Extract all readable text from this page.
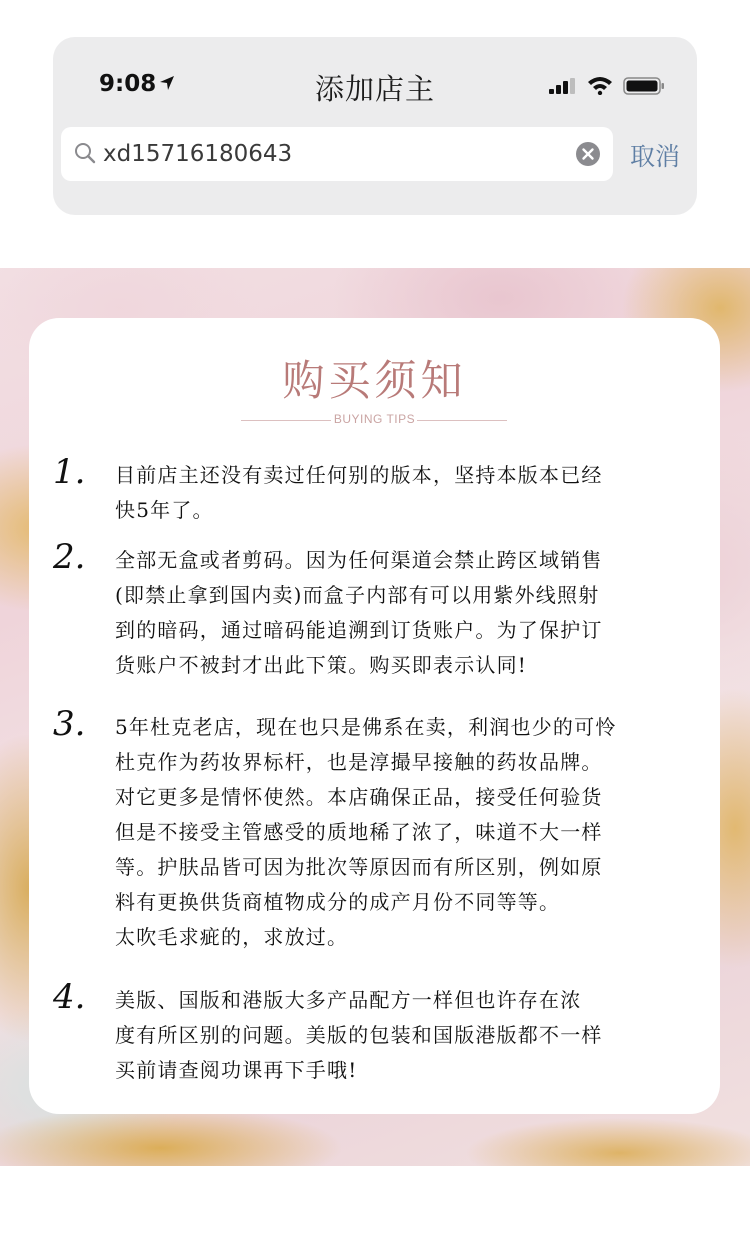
9:08	添加店主
xd15716180643
取消
购买须知
BUYING TIPS
1. 目前店主还没有卖过任何别的版本，坚持本版本已经
快5年了。
2. 全部无盒或者剪码。因为任何渠道会禁止跨区域销售
(即禁止拿到国内卖)而盒子内部有可以用紫外线照射
到的暗码，通过暗码能追溯到订货账户。为了保护订
货账户不被封才出此下策。购买即表示认同!
3. 5年杜克老店，现在也只是佛系在卖，利润也少的可怜
杜克作为药妆界标杆，也是淳撮早接触的药妆品牌。
对它更多是情怀使然。本店确保正品，接受任何验货
但是不接受主管感受的质地稀了浓了，味道不大一样
等。护肤品皆可因为批次等原因而有所区别，例如原
料有更换供货商植物成分的成产月份不同等等。
太吹毛求疵的，求放过。
4. 美版、国版和港版大多产品配方一样但也许存在浓
度有所区别的问题。美版的包装和国版港版都不一样
买前请查阅功课再下手哦!
